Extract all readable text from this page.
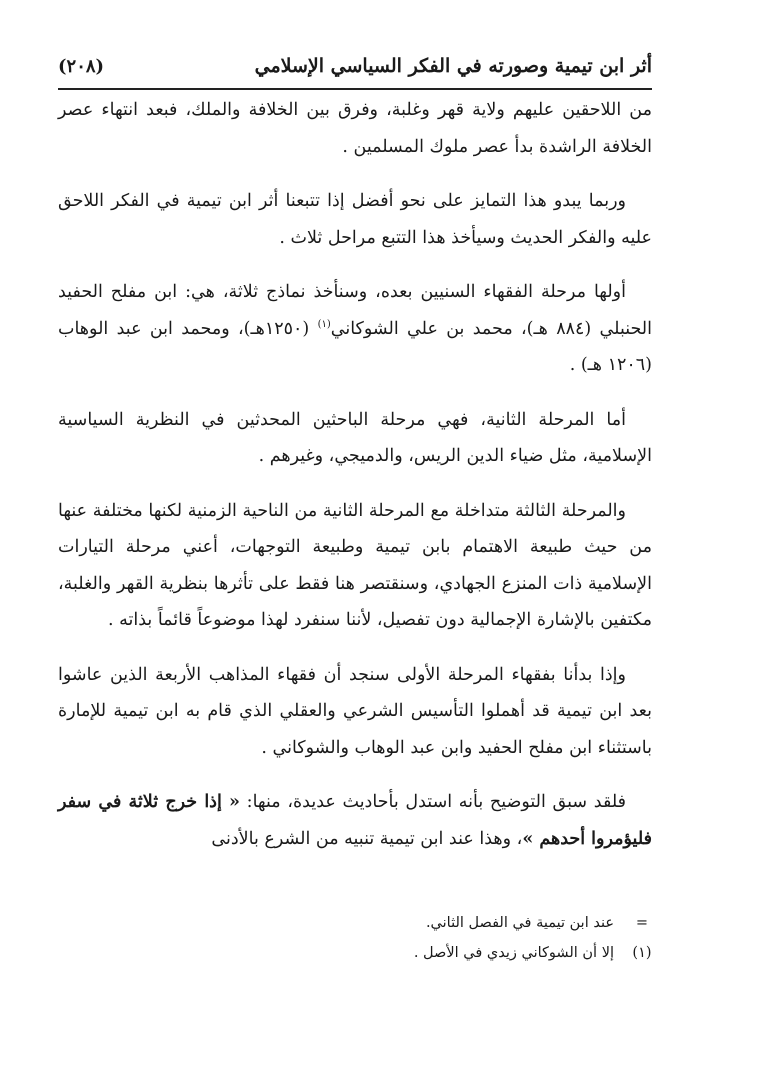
أثر ابن تيمية وصورته في الفكر السياسي الإسلامي
(٢٠٨)

من اللاحقين عليهم ولاية قهر وغلبة، وفرق بين الخلافة والملك، فبعد انتهاء عصر الخلافة الراشدة بدأ عصر ملوك المسلمين .

وربما يبدو هذا التمايز على نحو أفضل إذا تتبعنا أثر ابن تيمية في الفكر اللاحق عليه والفكر الحديث وسيأخذ هذا التتبع مراحل ثلاث .

أولها مرحلة الفقهاء السنيين بعده، وسنأخذ نماذج ثلاثة، هي: ابن مفلح الحفيد الحنبلي (٨٨٤ هـ)، محمد بن علي الشوكاني$^{(١)}$ (١٢٥٠هـ)، ومحمد ابن عبد الوهاب (١٢٠٦ هـ) .

أما المرحلة الثانية، فهي مرحلة الباحثين المحدثين في النظرية السياسية الإسلامية، مثل ضياء الدين الريس، والدميجي، وغيرهم .

والمرحلة الثالثة متداخلة مع المرحلة الثانية من الناحية الزمنية لكنها مختلفة عنها من حيث طبيعة الاهتمام بابن تيمية وطبيعة التوجهات، أعني مرحلة التيارات الإسلامية ذات المنزع الجهادي، وسنقتصر هنا فقط على تأثرها بنظرية القهر والغلبة، مكتفين بالإشارة الإجمالية دون تفصيل، لأننا سنفرد لهذا موضوعاً قائماً بذاته .

وإذا بدأنا بفقهاء المرحلة الأولى سنجد أن فقهاء المذاهب الأربعة الذين عاشوا بعد ابن تيمية قد أهملوا التأسيس الشرعي والعقلي الذي قام به ابن تيمية للإمارة باستثناء ابن مفلح الحفيد وابن عبد الوهاب والشوكاني .

فلقد سبق التوضيح بأنه استدل بأحاديث عديدة، منها: « إذا خرج ثلاثة في سفر فليؤمروا أحدهم »، وهذا عند ابن تيمية تنبيه من الشرع بالأدنى

=
عند ابن تيمية في الفصل الثاني.
(١)
إلا أن الشوكاني زيدي في الأصل .
